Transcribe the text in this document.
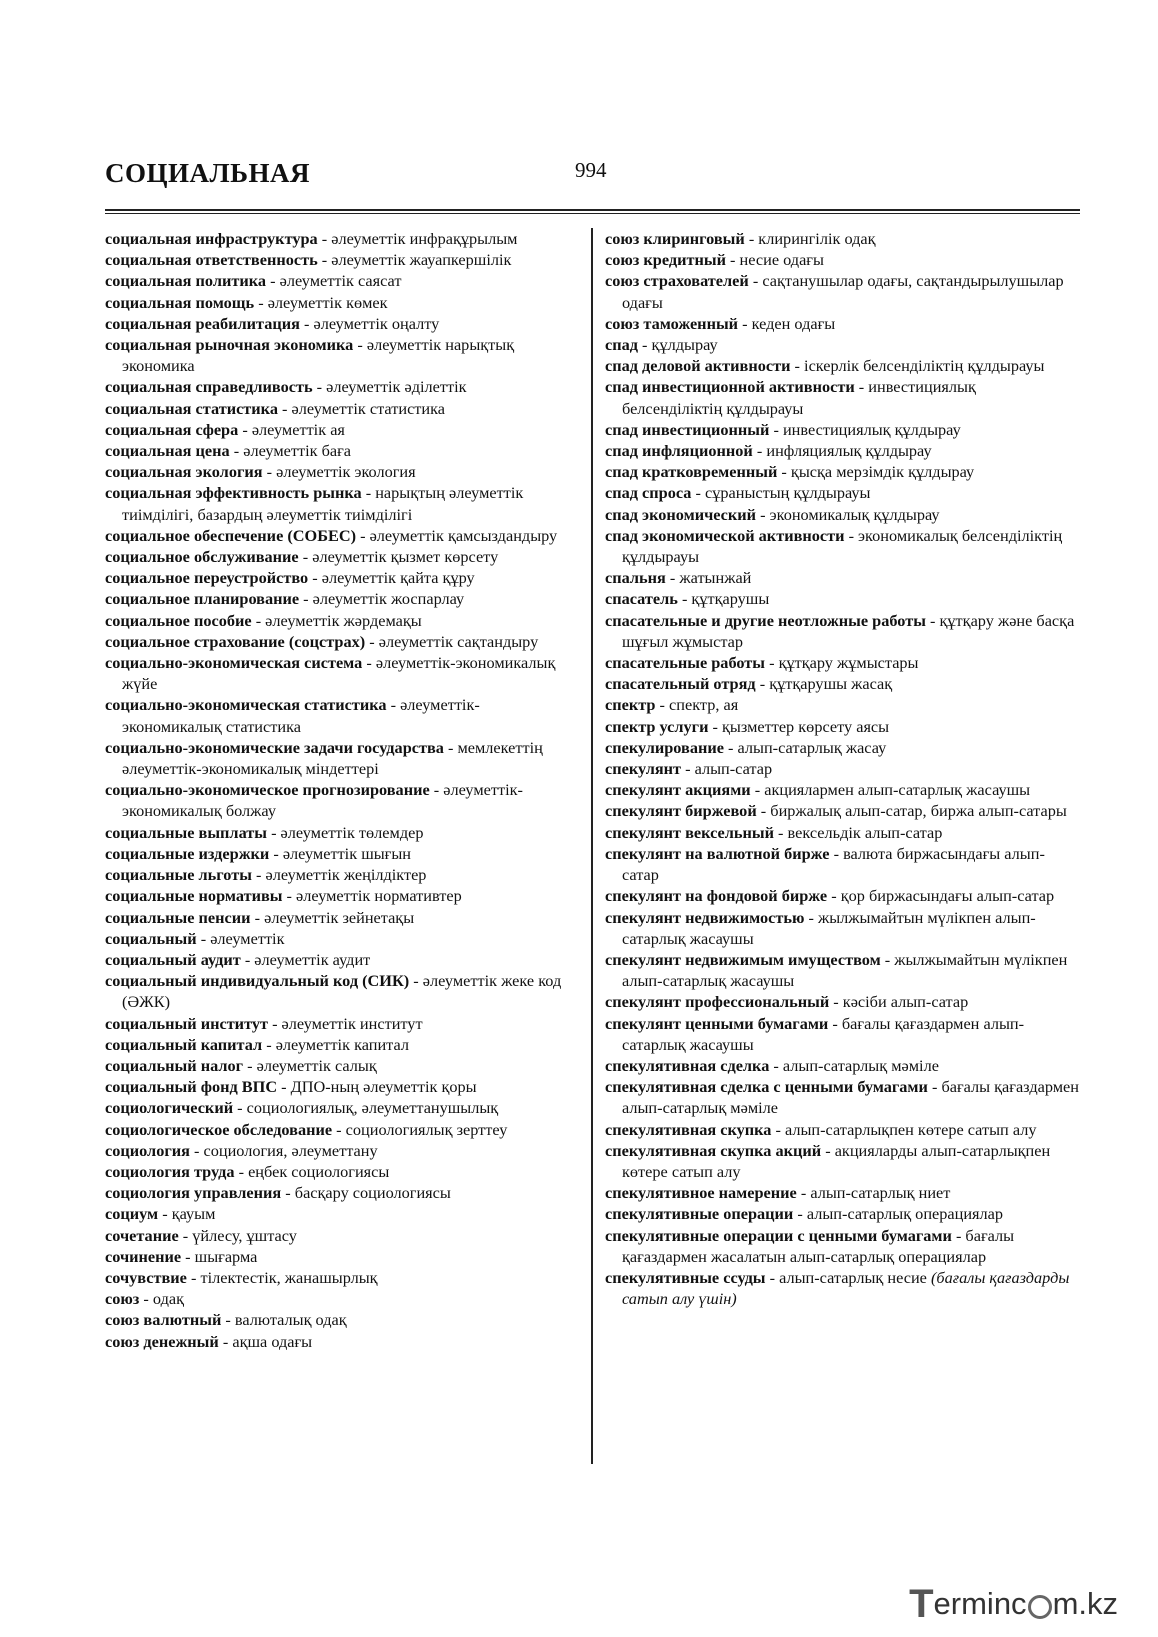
СОЦИАЛЬНАЯ	994
социальная инфраструктура - әлеуметтік инфрақұрылым
социальная ответственность - әлеуметтік жауапкершілік
социальная политика - әлеуметтік саясат
социальная помощь - әлеуметтік көмек
социальная реабилитация - әлеуметтік оңалту
социальная рыночная экономика - әлеуметтік нарықтық экономика
социальная справедливость - әлеуметтік әділеттік
социальная статистика - әлеуметтік статистика
социальная сфера - әлеуметтік ая
социальная цена - әлеуметтік баға
социальная экология - әлеуметтік экология
социальная эффективность рынка - нарықтың әлеуметтік тиімділігі, базардың әлеуметтік тиімділігі
социальное обеспечение (СОБЕС) - әлеуметтік қамсыздандыру
социальное обслуживание - әлеуметтік қызмет көрсету
социальное переустройство - әлеуметтік қайта құру
социальное планирование - әлеуметтік жоспарлау
социальное пособие - әлеуметтік жәрдемақы
социальное страхование (соцстрах) - әлеуметтік сақтандыру
социально-экономическая система - әлеуметтік-экономикалық жүйе
социально-экономическая статистика - әлеуметтік-экономикалық статистика
социально-экономические задачи государства - мемлекеттің әлеуметтік-экономикалық міндеттері
социально-экономическое прогнозирование - әлеуметтік-экономикалық болжау
социальные выплаты - әлеуметтік төлемдер
социальные издержки - әлеуметтік шығын
социальные льготы - әлеуметтік жеңілдіктер
социальные нормативы - әлеуметтік нормативтер
социальные пенсии - әлеуметтік зейнетақы
социальный - әлеуметтік
социальный аудит - әлеуметтік аудит
социальный индивидуальный код (СИК) - әлеуметтік жеке код (ӘЖК)
социальный институт - әлеуметтік институт
социальный капитал - әлеуметтік капитал
социальный налог - әлеуметтік салық
социальный фонд ВПС - ДПО-ның әлеуметтік қоры
социологический - социологиялық, әлеуметтанушылық
социологическое обследование - социологиялық зерттеу
социология - социология, әлеуметтану
социология труда - еңбек социологиясы
социология управления - басқару социологиясы
социум - қауым
сочетание - үйлесу, ұштасу
сочинение - шығарма
сочувствие - тілектестік, жанашырлық
союз - одақ
союз валютный - валюталық одақ
союз денежный - ақша одағы
союз клиринговый - клирингілік одақ
союз кредитный - несие одағы
союз страхователей - сақтанушылар одағы, сақтандырылушылар одағы
союз таможенный - кеден одағы
спад - құлдырау
спад деловой активности - іскерлік белсенділіктің құлдырауы
спад инвестиционной активности - инвестициялық белсенділіктің құлдырауы
спад инвестиционный - инвестициялық құлдырау
спад инфляционной - инфляциялық құлдырау
спад кратковременный - қысқа мерзімдік құлдырау
спад спроса - сұраныстың құлдырауы
спад экономический - экономикалық құлдырау
спад экономической активности - экономикалық белсенділіктің құлдырауы
спальня - жатынжай
спасатель - құтқарушы
спасательные и другие неотложные работы - құтқару және басқа шұғыл жұмыстар
спасательные работы - құтқару жұмыстары
спасательный отряд - құтқарушы жасақ
спектр - спектр, ая
спектр услуги - қызметтер көрсету аясы
спекулирование - алып-сатарлық жасау
спекулянт - алып-сатар
спекулянт акциями - акциялармен алып-сатарлық жасаушы
спекулянт биржевой - биржалық алып-сатар, биржа алып-сатары
спекулянт вексельный - вексельдік алып-сатар
спекулянт на валютной бирже - валюта биржасындағы алып-сатар
спекулянт на фондовой бирже - қор биржасындағы алып-сатар
спекулянт недвижимостью - жылжымайтын мүлікпен алып-сатарлық жасаушы
спекулянт недвижимым имуществом - жылжымайтын мүлікпен алып-сатарлық жасаушы
спекулянт профессиональный - кәсіби алып-сатар
спекулянт ценными бумагами - бағалы қағаздармен алып-сатарлық жасаушы
спекулятивная сделка - алып-сатарлық мәміле
спекулятивная сделка с ценными бумагами - бағалы қағаздармен алып-сатарлық мәміле
спекулятивная скупка - алып-сатарлықпен көтере сатып алу
спекулятивная скупка акций - акцияларды алып-сатарлықпен көтере сатып алу
спекулятивное намерение - алып-сатарлық ниет
спекулятивные операции - алып-сатарлық операциялар
спекулятивные операции с ценными бумагами - бағалы қағаздармен жасалатын алып-сатарлық операциялар
спекулятивные ссуды - алып-сатарлық несие (бағалы қағаздарды сатып алу үшін)
T erminc m.kz
